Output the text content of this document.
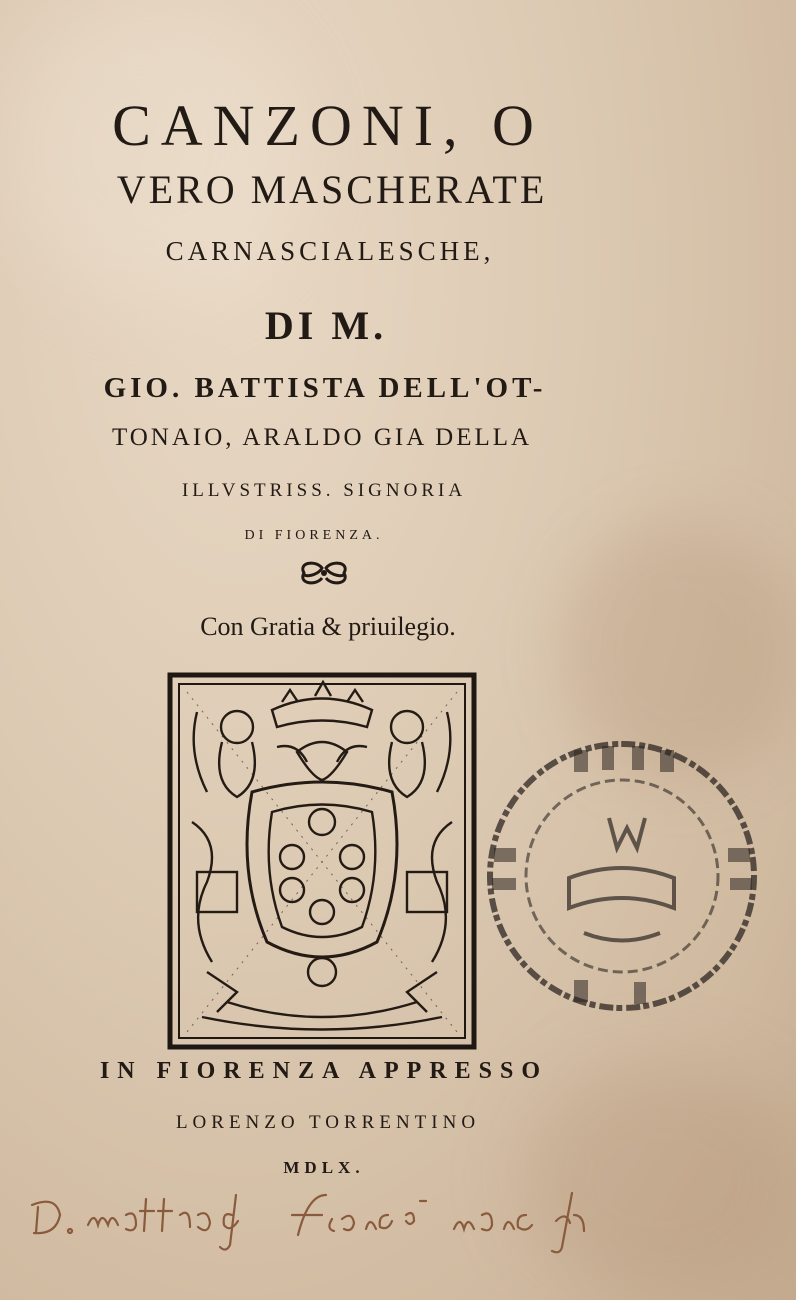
CANZONI, O
VERO MASCHERATE
CARNASCIALESCHE,
DI M.
GIO. BATTISTA DELL'OT-
TONAIO, ARALDO GIA DELLA
ILLVSTRISS. SIGNORIA
DI FIORENZA.
Con Gratia & priuilegio.
IN FIORENZA APPRESSO
LORENZO TORRENTINO
MDLX.
